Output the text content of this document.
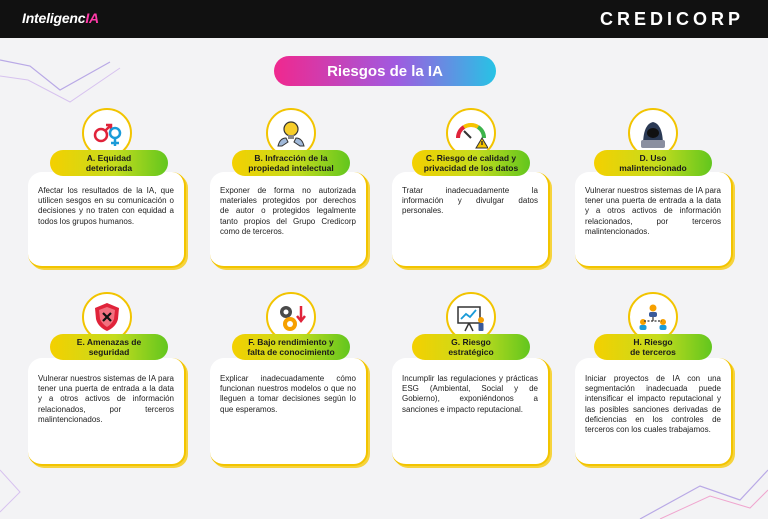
InteligencIA	CREDICORP
Riesgos de la IA
Afectar los resultados de la IA, que utilicen sesgos en su comunicación o decisiones y no traten con equidad a todos los grupos humanos.
Exponer de forma no autorizada materiales protegidos por derechos de autor o protegidos legalmente tanto propios del Grupo Credicorp como de terceros.
Tratar inadecuadamente la información y divulgar datos personales.
Vulnerar nuestros sistemas de IA para tener una puerta de entrada a la data y a otros activos de información relacionados, por terceros malintencionados.
Vulnerar nuestros sistemas de IA para tener una puerta de entrada a la data y a otros activos de información relacionados, por terceros malintencionados.
Explicar inadecuadamente cómo funcionan nuestros modelos o que no lleguen a tomar decisiones según lo que esperamos.
Incumplir las regulaciones y prácticas ESG (Ambiental, Social y de Gobierno), exponiéndonos a sanciones e impacto reputacional.
Iniciar proyectos de IA con una segmentación inadecuada puede intensificar el impacto reputacional y las posibles sanciones derivadas de deficiencias en los controles de terceros con los cuales trabajamos.
A. Equidad
deteriorada
B. Infracción de la
propiedad intelectual
C. Riesgo de calidad y
privacidad de los datos
D. Uso
malintencionado
E. Amenazas de
seguridad
F. Bajo rendimiento y
falta de conocimiento
G. Riesgo
estratégico
H. Riesgo
de terceros
